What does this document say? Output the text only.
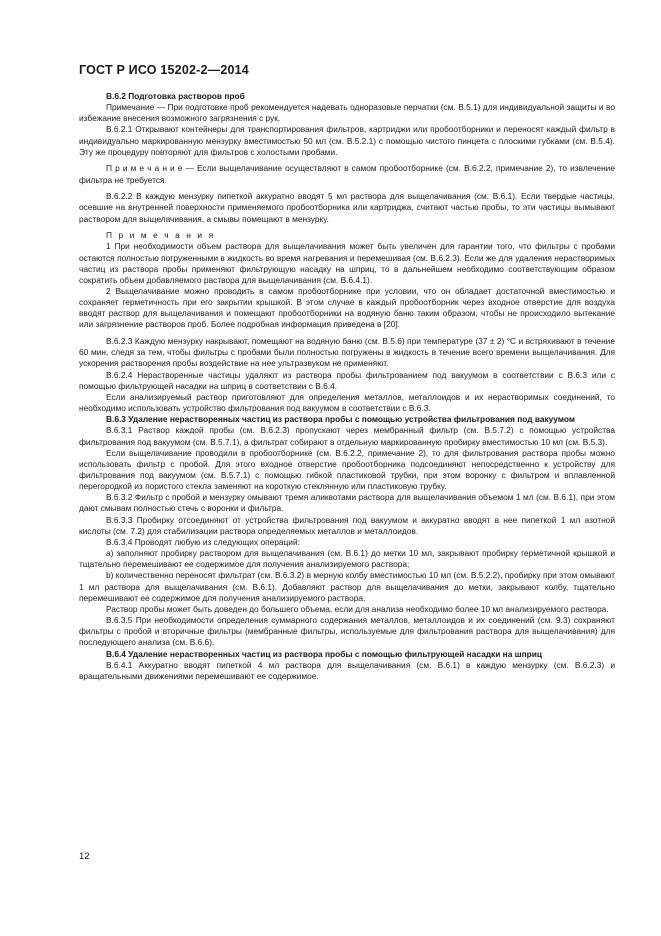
ГОСТ Р ИСО 15202-2—2014

В.6.2 Подготовка растворов проб

Примечание — При подготовке проб рекомендуется надевать одноразовые перчатки (см. В.5.1) для индивидуальной защиты и во избежание внесения возможного загрязнения с рук.

В.6.2.1 Открывают контейнеры для транспортирования фильтров, картриджи или пробоотборники и переносят каждый фильтр в индивидуально маркированную мензурку вместимостью 50 мл (см. В.5.2.1) с помощью чистого пинцета с плоскими губками (см. В.5.4). Эту же процедуру повторяют для фильтров с холостыми пробами.

П р и м е ч а н и е — Если выщелачивание осуществляют в самом пробоотборнике (см. В.6.2.2, примечание 2), то извлечение фильтра не требуется.

В.6.2.2 В каждую мензурку пипеткой аккуратно вводят 5 мл раствора для выщелачивания (см. В.6.1). Если твердые частицы, осевшие на внутренней поверхности применяемого пробоотборника или картриджа, считают частью пробы, то эти частицы вымывают раствором для выщелачивания, а смывы помещают в мензурку.

П р и м е ч а н и я

1 При необходимости объем раствора для выщелачивания может быть увеличен для гарантии того, что фильтры с пробами остаются полностью погруженными в жидкость во время нагревания и перемешивая (см. В.6.2.3). Если же для удаления нерастворимых частиц из раствора пробы применяют фильтрующую насадку на шприц, то в дальнейшем необходимо соответствующим образом сократить объем добавляемого раствора для выщелачивания (см. В.6.4.1).

2 Выщелачивание можно проводить в самом пробоотборнике при условии, что он обладает достаточной вместимостью и сохраняет герметичность при его закрытии крышкой. В этом случае в каждый пробоотборник через входное отверстие для воздуха вводят раствор для выщелачивания и помещают пробоотборники на водяную баню таким образом, чтобы не происходило вытекание или загрязнение растворов проб. Более подробная информация приведена в [20].

В.6.2.3 Каждую мензурку накрывают, помещают на водяную баню (см. В.5.6) при температуре (37 ± 2) °С и встряхивают в течение 60 мин, следя за тем, чтобы фильтры с пробами были полностью погружены в жидкость в течение всего времени выщелачивания. Для ускорения растворения пробы воздействие на нее ультразвуком не применяют.

В.6.2.4 Нерастворенные частицы удаляют из раствора пробы фильтрованием под вакуумом в соответствии с В.6.3 или с помощью фильтрующей насадки на шприц в соответствии с В.6.4.

Если анализируемый раствор приготовляют для определения металлов, металлоидов и их нерастворимых соединений, то необходимо использовать устройство фильтрования под вакуумом в соответствии с В.6.3.

В.6.3 Удаление нерастворенных частиц из раствора пробы с помощью устройства фильтрования под вакуумом

В.6.3.1 Раствор каждой пробы (см. В.6.2.3) пропускают через мембранный фильтр (см. В.5.7.2) с помощью устройства фильтрования под вакуумом (см. В.5.7.1), а фильтрат собирают в отдельную маркированную пробирку вместимостью 10 мл (см. В.5.3).

Если выщелачивание проводили в пробоотборнике (см. В.6.2.2, примечание 2), то для фильтрования раствора пробы можно использовать фильтр с пробой. Для этого входное отверстие пробоотборника подсоединяют непосредственно к устройству для фильтрования под вакуумом (см. В.5.7.1) с помощью гибкой пластиковой трубки, при этом воронку с фильтром и вплавленной перегородкой из пористого стекла заменяют на короткую стеклянную или пластиковую трубку.

В.6.3.2 Фильтр с пробой и мензурку омывают тремя аликвотами раствора для выщелачивания объемом 1 мл (см. В.6.1), при этом дают смывам полностью стечь с воронки и фильтра.

В.6.3.3 Пробирку отсоединяют от устройства фильтрования под вакуумом и аккуратно вводят в нее пипеткой 1 мл азотной кислоты (см. 7.2) для стабилизации раствора определяемых металлов и металлоидов.

В.6.3.4 Проводят любую из следующих операций:

a) заполняют пробирку раствором для выщелачивания (см. В.6.1) до метки 10 мл, закрывают пробирку герметичной крышкой и тщательно перемешивают ее содержимое для получения анализируемого раствора;

b) количественно переносят фильтрат (см. В.6.3.2) в мерную колбу вместимостью 10 мл (см. В.5.2.2), пробирку при этом омывают 1 мл раствора для выщелачивания (см. В.6.1). Добавляют раствор для выщелачивания до метки, закрывают колбу, тщательно перемешивают ее содержимое для получения анализируемого раствора.

Раствор пробы может быть доведен до большего объема, если для анализа необходимо более 10 мл анализируемого раствора.

В.6.3.5 При необходимости определения суммарного содержания металлов, металлоидов и их соединений (см. 9.3) сохраняют фильтры с пробой и вторичные фильтры (мембранные фильтры, используемые для фильтрования раствора для выщелачивания) для последующего анализа (см. В.6.6).

В.6.4 Удаление нерастворенных частиц из раствора пробы с помощью фильтрующей насадки на шприц

В.6.4.1 Аккуратно вводят пипеткой 4 мл раствора для выщелачивания (см. В.6.1) в каждую мензурку (см. В.6.2.3) и вращательными движениями перемешивают ее содержимое.

12
